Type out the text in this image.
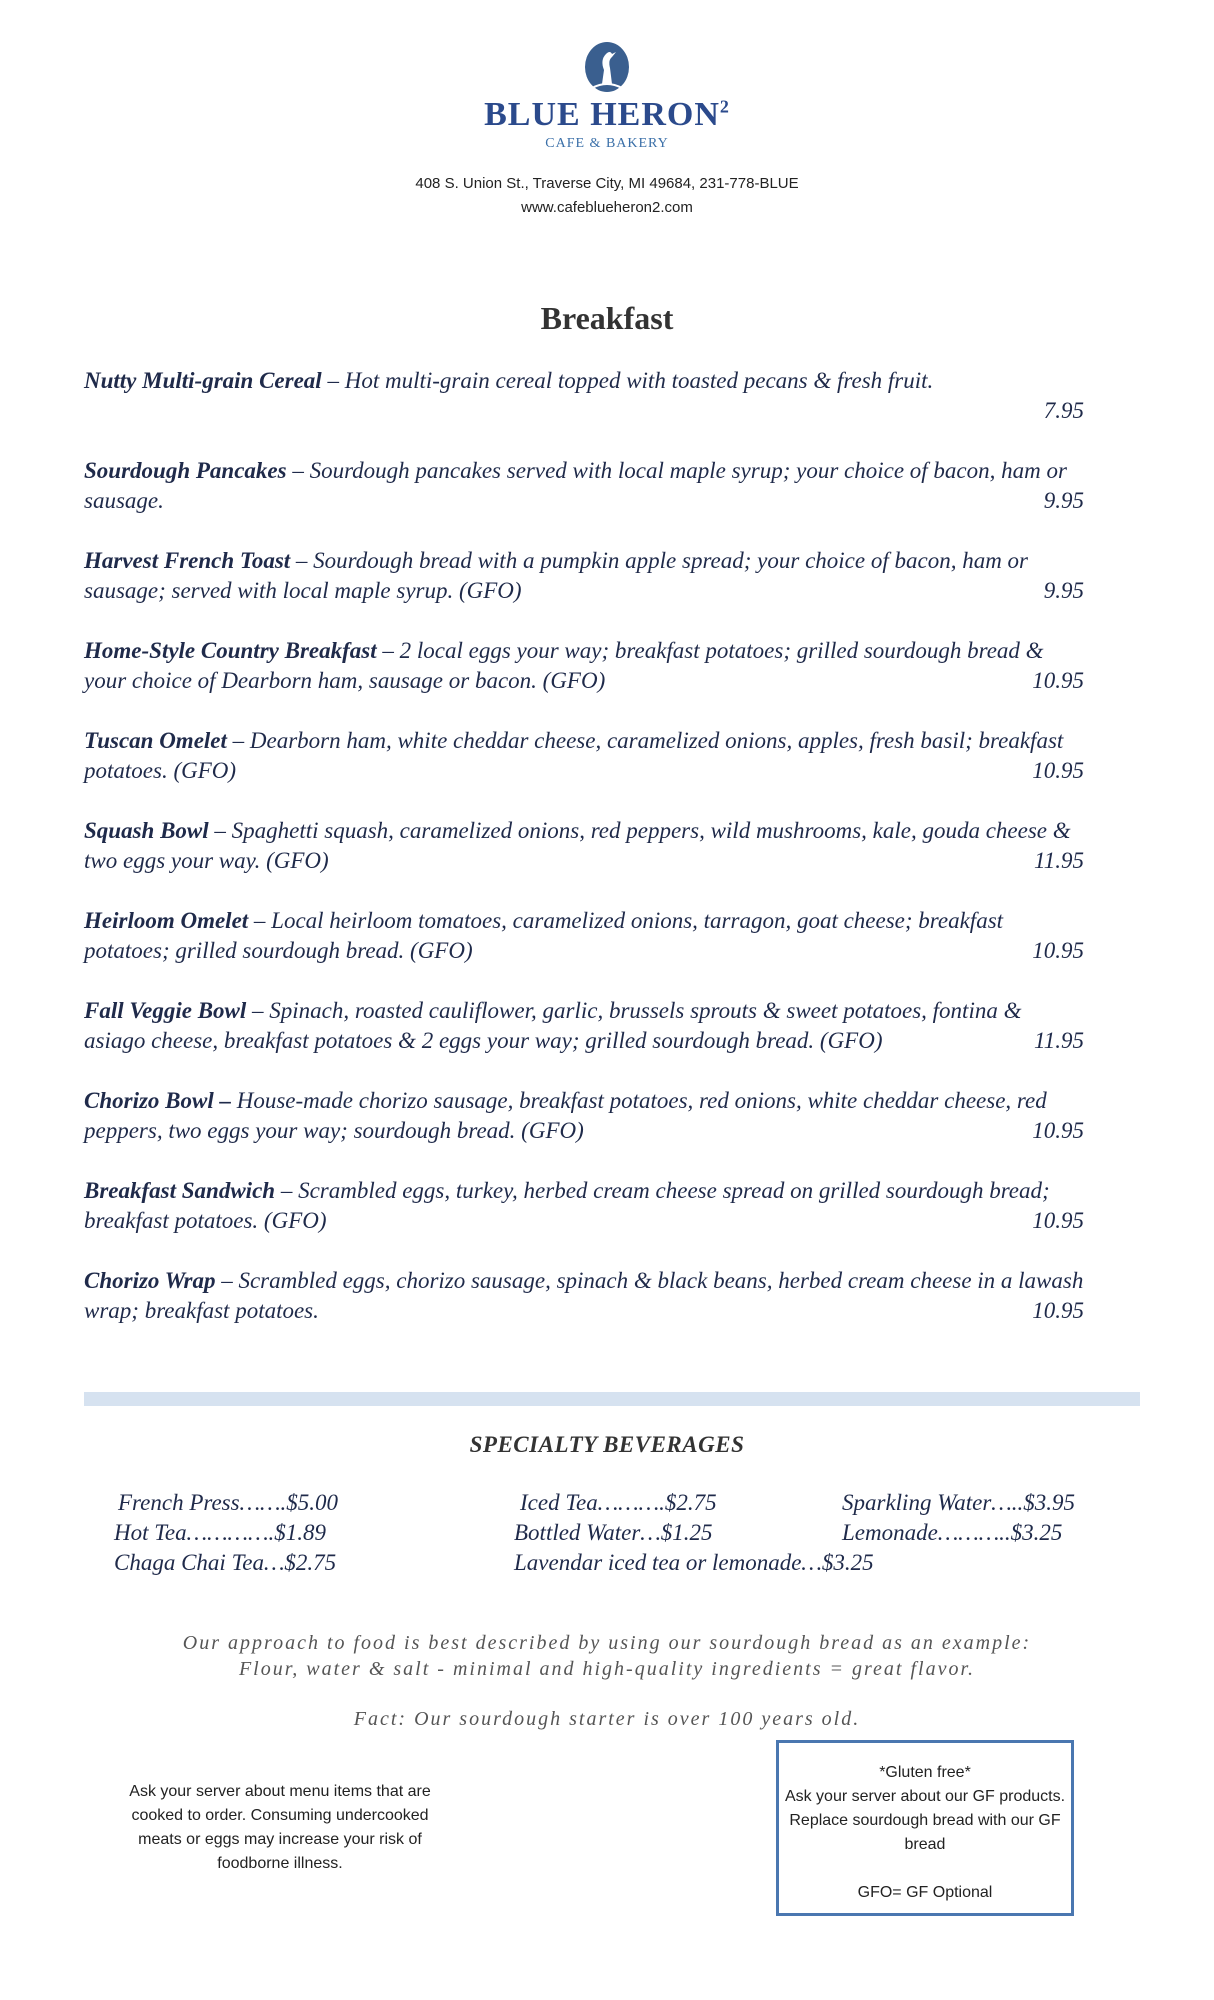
BLUE HERON$^2$
CAFE & BAKERY
408 S. Union St., Traverse City, MI 49684, 231-778-BLUE
www.cafeblueheron2.com
Breakfast
Nutty Multi-grain Cereal – Hot multi-grain cereal topped with toasted pecans & fresh fruit.
7.95
Sourdough Pancakes – Sourdough pancakes served with local maple syrup; your choice of bacon, ham or sausage.	9.95
Harvest French Toast – Sourdough bread with a pumpkin apple spread; your choice of bacon, ham or sausage; served with local maple syrup. (GFO)	9.95
Home-Style Country Breakfast – 2 local eggs your way; breakfast potatoes; grilled sourdough bread & your choice of Dearborn ham, sausage or bacon. (GFO)	10.95
Tuscan Omelet – Dearborn ham, white cheddar cheese, caramelized onions, apples, fresh basil; breakfast potatoes. (GFO)	10.95
Squash Bowl – Spaghetti squash, caramelized onions, red peppers, wild mushrooms, kale, gouda cheese & two eggs your way. (GFO)	11.95
Heirloom Omelet – Local heirloom tomatoes, caramelized onions, tarragon, goat cheese; breakfast potatoes; grilled sourdough bread. (GFO)	10.95
Fall Veggie Bowl – Spinach, roasted cauliflower, garlic, brussels sprouts & sweet potatoes, fontina & asiago cheese, breakfast potatoes & 2 eggs your way; grilled sourdough bread. (GFO)	11.95
Chorizo Bowl – House-made chorizo sausage, breakfast potatoes, red onions, white cheddar cheese, red peppers, two eggs your way; sourdough bread. (GFO)	10.95
Breakfast Sandwich – Scrambled eggs, turkey, herbed cream cheese spread on grilled sourdough bread; breakfast potatoes. (GFO)	10.95
Chorizo Wrap – Scrambled eggs, chorizo sausage, spinach & black beans, herbed cream cheese in a lawash wrap; breakfast potatoes.	10.95
SPECIALTY BEVERAGES
French Press…….$5.00
Hot Tea………….$1.89
Chaga Chai Tea…$2.75
Iced Tea……….$2.75
Bottled Water…$1.25
Lavendar iced tea or lemonade…$3.25
Sparkling Water…..$3.95
Lemonade………..$3.25
Our approach to food is best described by using our sourdough bread as an example:
Flour, water & salt - minimal and high-quality ingredients = great flavor.
Fact: Our sourdough starter is over 100 years old.
Ask your server about menu items that are cooked to order. Consuming undercooked meats or eggs may increase your risk of foodborne illness.
*Gluten free*
Ask your server about our GF products. Replace sourdough bread with our GF bread
GFO= GF Optional
